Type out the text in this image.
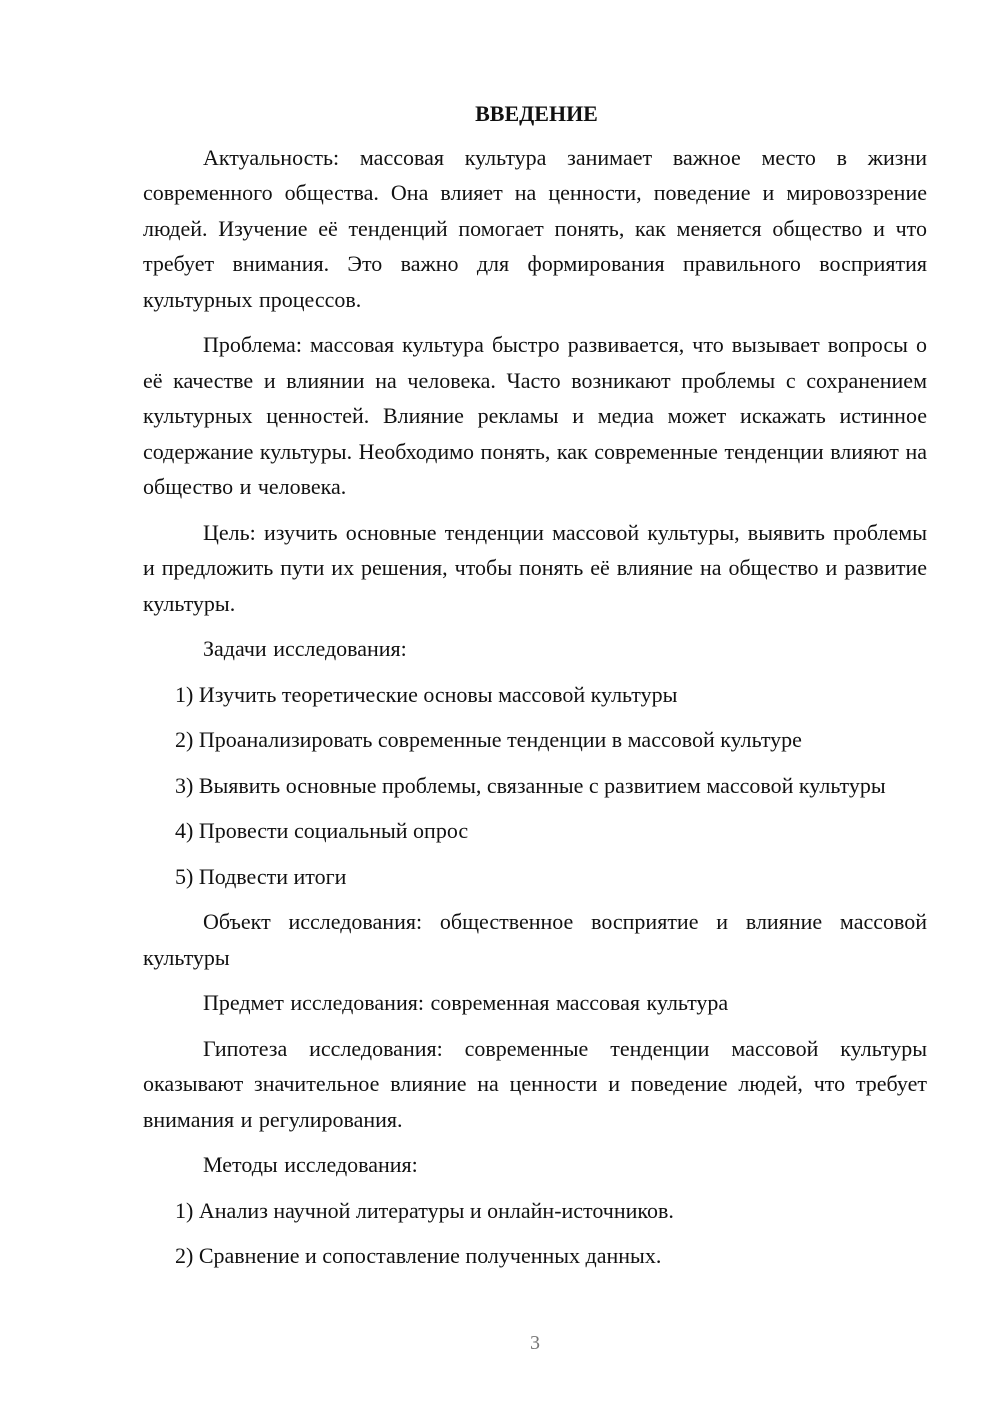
ВВЕДЕНИЕ

Актуальность: массовая культура занимает важное место в жизни современного общества. Она влияет на ценности, поведение и мировоззрение людей. Изучение её тенденций помогает понять, как меняется общество и что требует внимания. Это важно для формирования правильного восприятия культурных процессов.

Проблема: массовая культура быстро развивается, что вызывает вопросы о её качестве и влиянии на человека. Часто возникают проблемы с сохранением культурных ценностей. Влияние рекламы и медиа может искажать истинное содержание культуры. Необходимо понять, как современные тенденции влияют на общество и человека.

Цель: изучить основные тенденции массовой культуры, выявить проблемы и предложить пути их решения, чтобы понять её влияние на общество и развитие культуры.

Задачи исследования:

1) Изучить теоретические основы массовой культуры

2) Проанализировать современные тенденции в массовой культуре

3) Выявить основные проблемы, связанные с развитием массовой культуры

4) Провести социальный опрос

5) Подвести итоги

Объект исследования: общественное восприятие и влияние массовой культуры

Предмет исследования: современная массовая культура

Гипотеза исследования: современные тенденции массовой культуры оказывают значительное влияние на ценности и поведение людей, что требует внимания и регулирования.

Методы исследования:

1) Анализ научной литературы и онлайн-источников.

2) Сравнение и сопоставление полученных данных.

3
